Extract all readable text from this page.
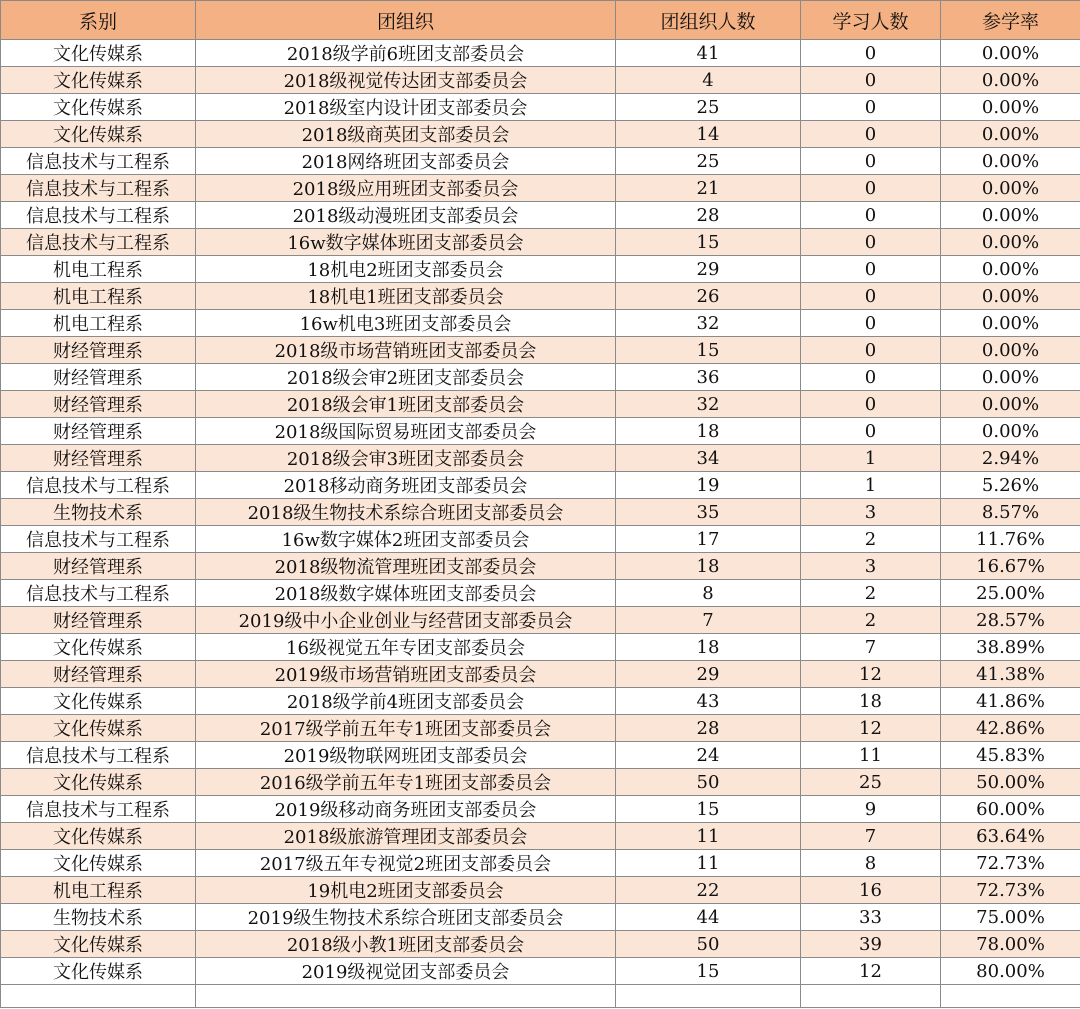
系别	团组织	团组织人数	学习人数	参学率
文化传媒系	2018级学前6班团支部委员会	41	0	0.00%
文化传媒系	2018级视觉传达团支部委员会	4	0	0.00%
文化传媒系	2018级室内设计团支部委员会	25	0	0.00%
文化传媒系	2018级商英团支部委员会	14	0	0.00%
信息技术与工程系	2018网络班团支部委员会	25	0	0.00%
信息技术与工程系	2018级应用班团支部委员会	21	0	0.00%
信息技术与工程系	2018级动漫班团支部委员会	28	0	0.00%
信息技术与工程系	16w数字媒体班团支部委员会	15	0	0.00%
机电工程系	18机电2班团支部委员会	29	0	0.00%
机电工程系	18机电1班团支部委员会	26	0	0.00%
机电工程系	16w机电3班团支部委员会	32	0	0.00%
财经管理系	2018级市场营销班团支部委员会	15	0	0.00%
财经管理系	2018级会审2班团支部委员会	36	0	0.00%
财经管理系	2018级会审1班团支部委员会	32	0	0.00%
财经管理系	2018级国际贸易班团支部委员会	18	0	0.00%
财经管理系	2018级会审3班团支部委员会	34	1	2.94%
信息技术与工程系	2018移动商务班团支部委员会	19	1	5.26%
生物技术系	2018级生物技术系综合班团支部委员会	35	3	8.57%
信息技术与工程系	16w数字媒体2班团支部委员会	17	2	11.76%
财经管理系	2018级物流管理班团支部委员会	18	3	16.67%
信息技术与工程系	2018级数字媒体班团支部委员会	8	2	25.00%
财经管理系	2019级中小企业创业与经营团支部委员会	7	2	28.57%
文化传媒系	16级视觉五年专团支部委员会	18	7	38.89%
财经管理系	2019级市场营销班团支部委员会	29	12	41.38%
文化传媒系	2018级学前4班团支部委员会	43	18	41.86%
文化传媒系	2017级学前五年专1班团支部委员会	28	12	42.86%
信息技术与工程系	2019级物联网班团支部委员会	24	11	45.83%
文化传媒系	2016级学前五年专1班团支部委员会	50	25	50.00%
信息技术与工程系	2019级移动商务班团支部委员会	15	9	60.00%
文化传媒系	2018级旅游管理团支部委员会	11	7	63.64%
文化传媒系	2017级五年专视觉2班团支部委员会	11	8	72.73%
机电工程系	19机电2班团支部委员会	22	16	72.73%
生物技术系	2019级生物技术系综合班团支部委员会	44	33	75.00%
文化传媒系	2018级小教1班团支部委员会	50	39	78.00%
文化传媒系	2019级视觉团支部委员会	15	12	80.00%
